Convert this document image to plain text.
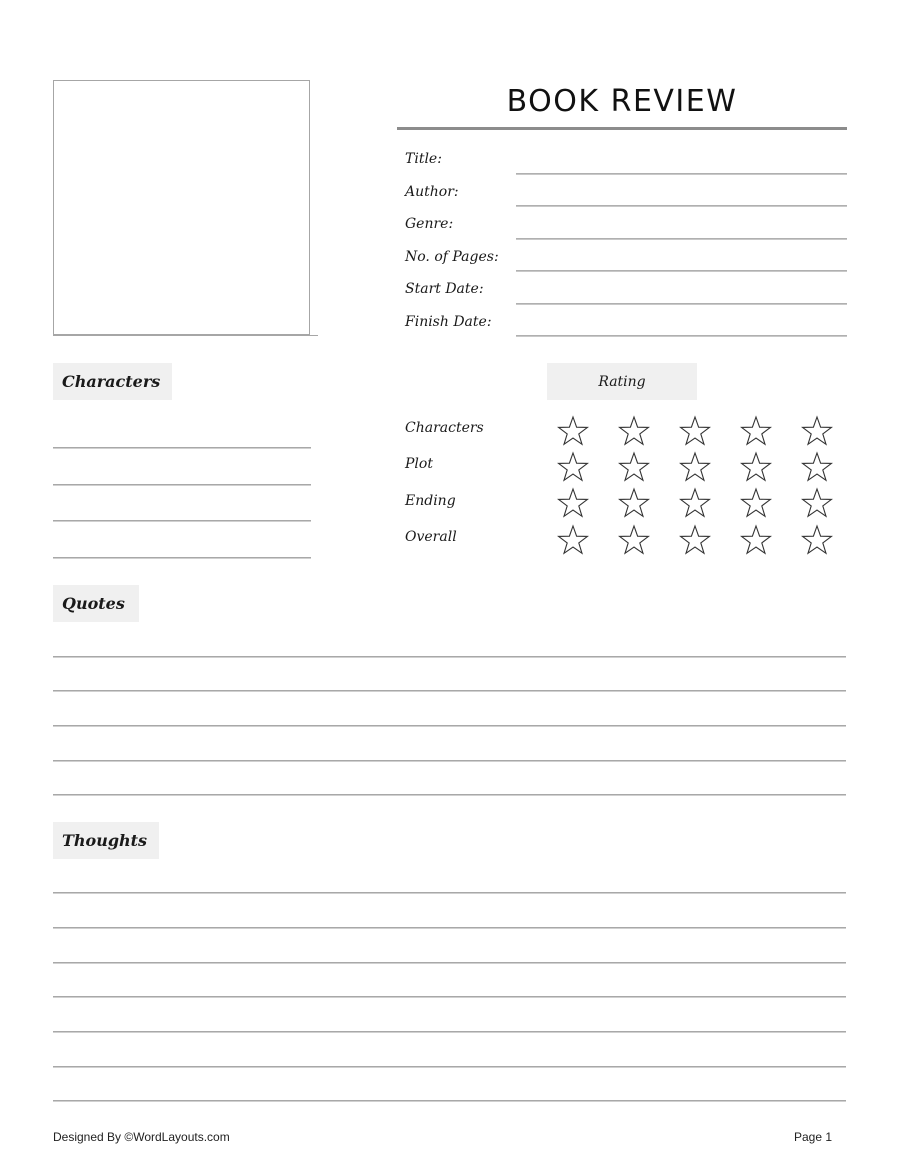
BOOK REVIEW
Title:
Author:
Genre:
No. of Pages:
Start Date:
Finish Date:
Characters	Rating
Characters
Plot
Ending
Overall
Quotes
Thoughts
Designed By ©WordLayouts.com	Page 1
